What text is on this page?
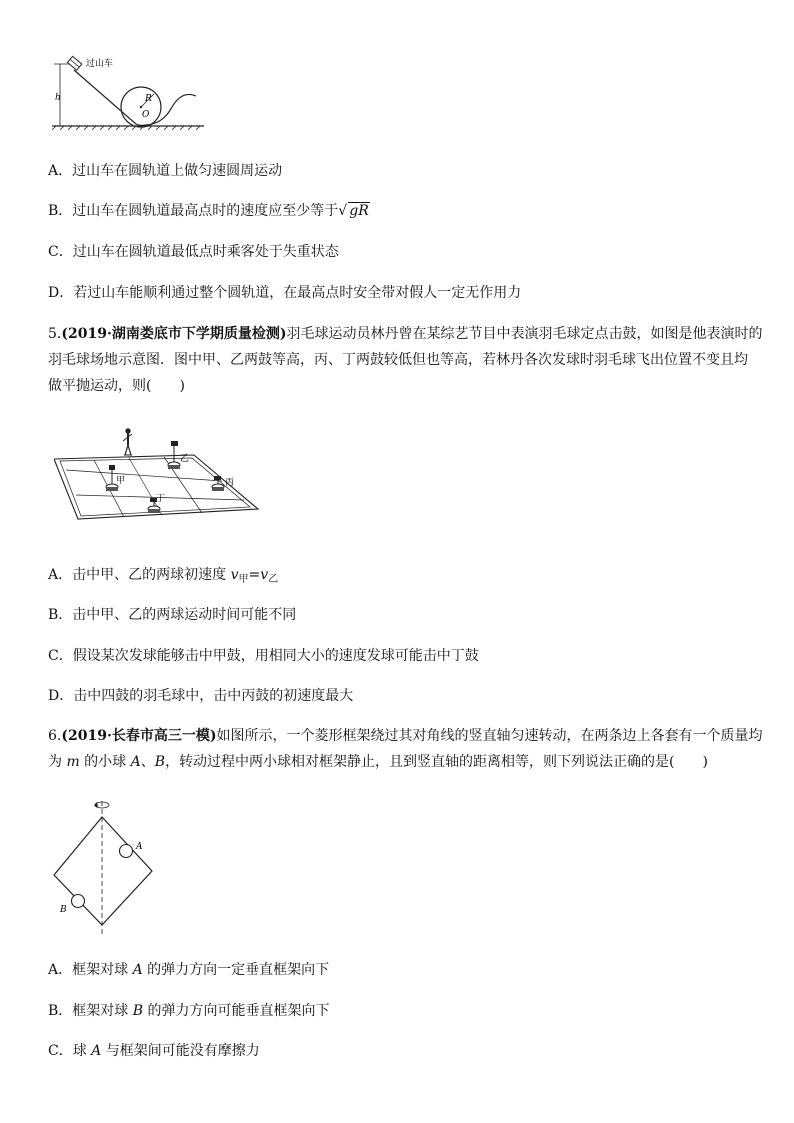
h	R
O
过山车
A．过山车在圆轨道上做匀速圆周运动
B．过山车在圆轨道最高点时的速度应至少等于√ gR
C．过山车在圆轨道最低点时乘客处于失重状态
D．若过山车能顺利通过整个圆轨道，在最高点时安全带对假人一定无作用力
5.(2019·湖南娄底市下学期质量检测)羽毛球运动员林丹曾在某综艺节目中表演羽毛球定点击鼓，如图是他表演时的
羽毛球场地示意图．图中甲、乙两鼓等高，丙、丁两鼓较低但也等高，若林丹各次发球时羽毛球飞出位置不变且均
做平抛运动，则(　　)
甲
乙
丙
丁
A．击中甲、乙的两球初速度 $v_甲=v_乙$
B．击中甲、乙的两球运动时间可能不同
C．假设某次发球能够击中甲鼓，用相同大小的速度发球可能击中丁鼓
D．击中四鼓的羽毛球中，击中丙鼓的初速度最大
6.(2019·长春市高三一模)如图所示，一个菱形框架绕过其对角线的竖直轴匀速转动，在两条边上各套有一个质量均
为 m 的小球 A、B，转动过程中两小球相对框架静止，且到竖直轴的距离相等，则下列说法正确的是(　　)
A
B
A．框架对球 A 的弹力方向一定垂直框架向下
B．框架对球 B 的弹力方向可能垂直框架向下
C．球 A 与框架间可能没有摩擦力
